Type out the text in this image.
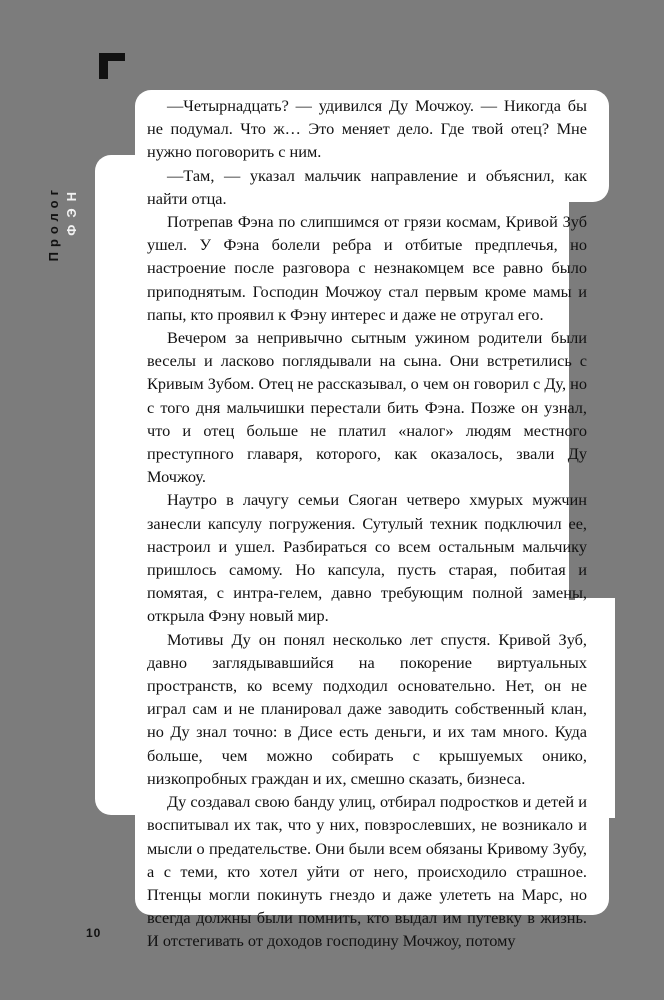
Пролог ФЭН

—Четырнадцать? — удивился Ду Мочжоу. — Никогда бы не подумал. Что ж… Это меняет дело. Где твой отец? Мне нужно поговорить с ним.

—Там, — указал мальчик направление и объяснил, как найти отца.

Потрепав Фэна по слипшимся от грязи космам, Кривой Зуб ушел. У Фэна болели ребра и отбитые предплечья, но настроение после разговора с незнакомцем все равно было приподнятым. Господин Мочжоу стал первым кроме мамы и папы, кто проявил к Фэну интерес и даже не отругал его.

Вечером за непривычно сытным ужином родители были веселы и ласково поглядывали на сына. Они встретились с Кривым Зубом. Отец не рассказывал, о чем он говорил с Ду, но с того дня мальчишки перестали бить Фэна. Позже он узнал, что и отец больше не платил «налог» людям местного преступного главаря, которого, как оказалось, звали Ду Мочжоу.

Наутро в лачугу семьи Сяоган четверо хмурых мужчин занесли капсулу погружения. Сутулый техник подключил ее, настроил и ушел. Разбираться со всем остальным мальчику пришлось самому. Но капсула, пусть старая, побитая и помятая, с интра-гелем, давно требующим полной замены, открыла Фэну новый мир.

Мотивы Ду он понял несколько лет спустя. Кривой Зуб, давно заглядывавшийся на покорение виртуальных пространств, ко всему подходил основательно. Нет, он не играл сам и не планировал даже заводить собственный клан, но Ду знал точно: в Дисе есть деньги, и их там много. Куда больше, чем можно собирать с крышуемых онико, низкопробных граждан и их, смешно сказать, бизнеса.

Ду создавал свою банду улиц, отбирал подростков и детей и воспитывал их так, что у них, повзрослевших, не возникало и мысли о предательстве. Они были всем обязаны Кривому Зубу, а с теми, кто хотел уйти от него, происходило страшное. Птенцы могли покинуть гнездо и даже улететь на Марс, но всегда должны были помнить, кто выдал им путевку в жизнь. И отстегивать от доходов господину Мочжоу, потому

10
